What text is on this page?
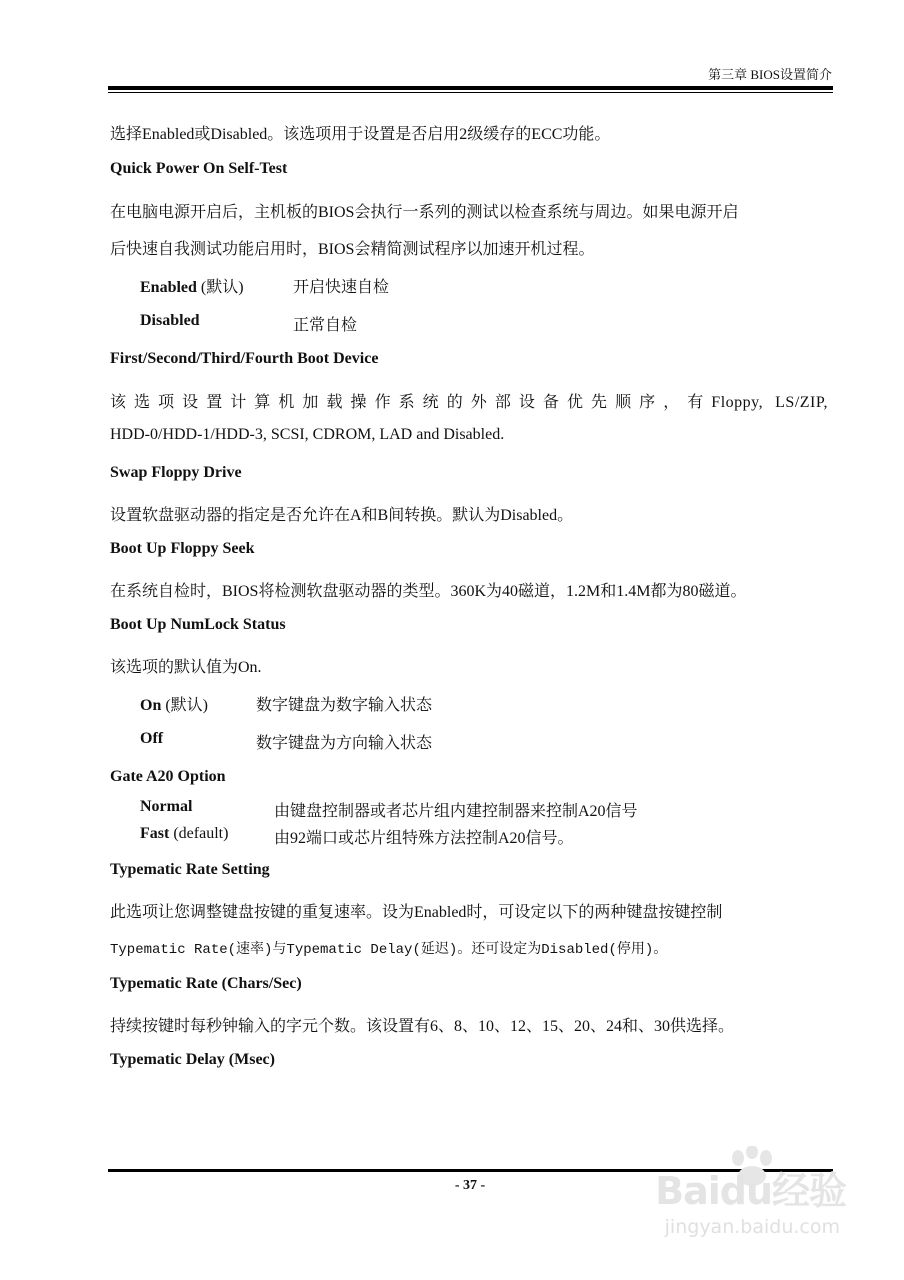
第三章 BIOS设置简介
选择Enabled或Disabled。该选项用于设置是否启用2级缓存的ECC功能。
Quick Power On Self-Test
在电脑电源开启后，主机板的BIOS会执行一系列的测试以检查系统与周边。如果电源开启
后快速自我测试功能启用时，BIOS会精简测试程序以加速开机过程。
Enabled (默认)	开启快速自检
Disabled	正常自检
First/Second/Third/Fourth Boot Device
该选项设置计算机加载操作系统的外部设备优先顺序，有Floppy, LS/ZIP,
HDD-0/HDD-1/HDD-3, SCSI, CDROM, LAD and Disabled.
Swap Floppy Drive
设置软盘驱动器的指定是否允许在A和B间转换。默认为Disabled。
Boot Up Floppy Seek
在系统自检时，BIOS将检测软盘驱动器的类型。360K为40磁道，1.2M和1.4M都为80磁道。
Boot Up NumLock Status
该选项的默认值为On.
On (默认)	数字键盘为数字输入状态
Off	数字键盘为方向输入状态
Gate A20 Option
Normal	由键盘控制器或者芯片组内建控制器来控制A20信号
Fast (default)	由92端口或芯片组特殊方法控制A20信号。
Typematic Rate Setting
此选项让您调整键盘按键的重复速率。设为Enabled时，可设定以下的两种键盘按键控制
Typematic Rate(速率)与Typematic Delay(延迟)。还可设定为Disabled(停用)。
Typematic Rate (Chars/Sec)
持续按键时每秒钟输入的字元个数。该设置有6、8、10、12、15、20、24和、30供选择。
Typematic Delay (Msec)
- 37 -	Baidu经验
jingyan.baidu.com
